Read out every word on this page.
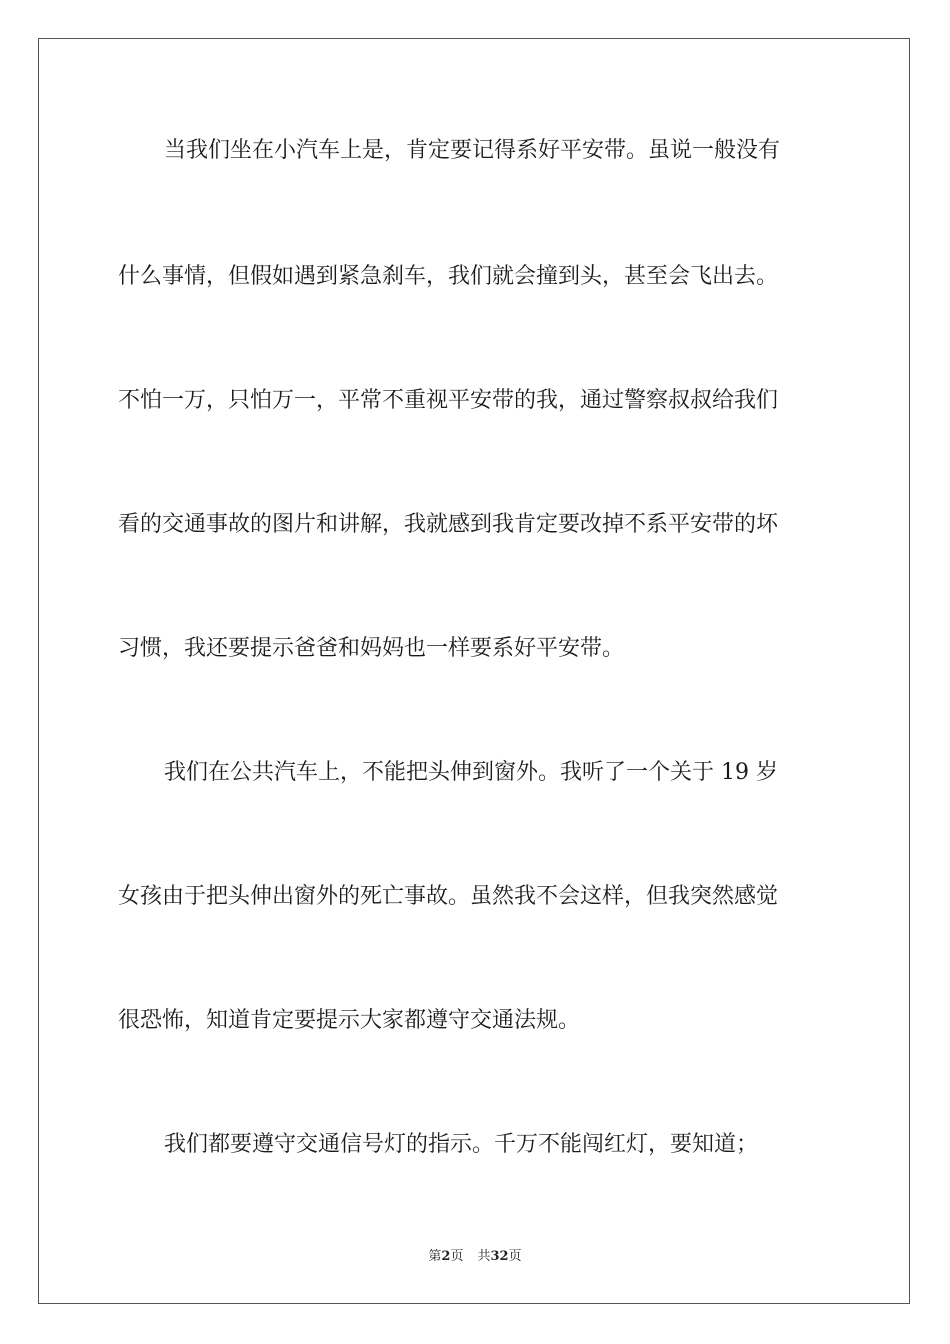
当我们坐在小汽车上是，肯定要记得系好平安带。虽说一般没有
什么事情，但假如遇到紧急刹车，我们就会撞到头，甚至会飞出去。
不怕一万，只怕万一，平常不重视平安带的我，通过警察叔叔给我们
看的交通事故的图片和讲解，我就感到我肯定要改掉不系平安带的坏
习惯，我还要提示爸爸和妈妈也一样要系好平安带。
我们在公共汽车上，不能把头伸到窗外。我听了一个关于 19 岁
女孩由于把头伸出窗外的死亡事故。虽然我不会这样，但我突然感觉
很恐怖，知道肯定要提示大家都遵守交通法规。
我们都要遵守交通信号灯的指示。千万不能闯红灯，要知道；
第2页 共32页
